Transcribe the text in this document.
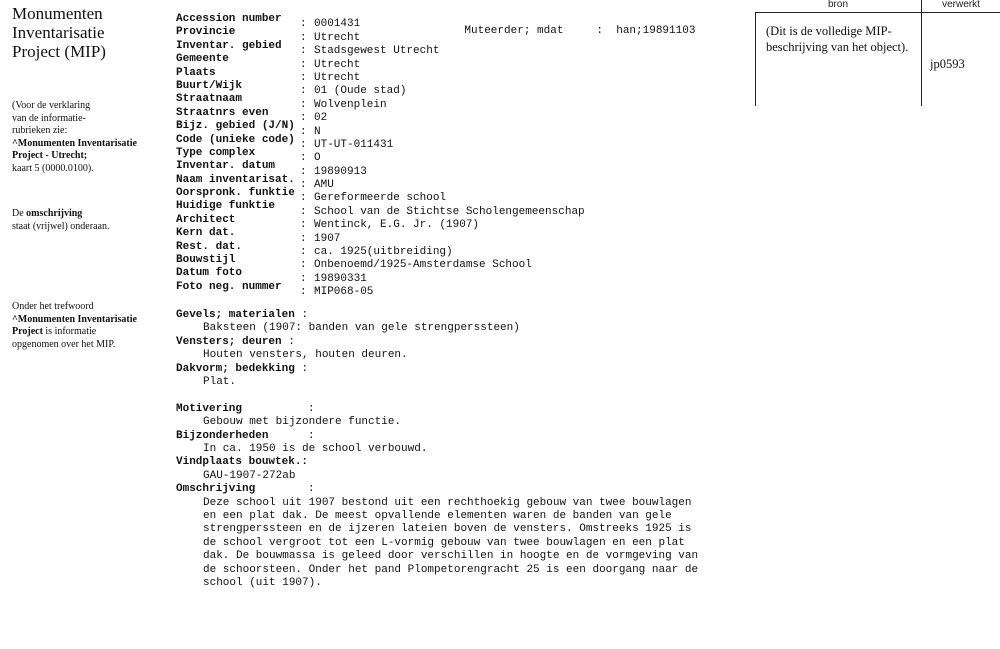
Monumenten
Inventarisatie
Project (MIP)
(Voor de verklaring
van de informatie-
rubrieken zie:
^Monumenten Inventarisatie
Project - Utrecht;
kaart 5 (0000.0100).
De omschrijving
staat (vrijwel) onderaan.
Onder het trefwoord
^Monumenten Inventarisatie
Project is informatie
opgenomen over het MIP.
bron	verwerkt
(Dit is de volledige MIP-beschrijving van het object).
jp0593

Muteerder; mdat	: han;19891103

Accession number : 0001431
Provincie	: Utrecht
Inventar. gebied : Stadsgewest Utrecht
Gemeente	: Utrecht
Plaats	: Utrecht
Buurt/Wijk	: 01 (Oude stad)
Straatnaam	: Wolvenplein
Straatnrs even	: 02
Bijz. gebied (J/N) : N
Code (unieke code) : UT-UT-011431
Type complex	: O
Inventar. datum : 19890913
Naam inventarisat. : AMU
Oorspronk. funktie : Gereformeerde school
Huidige funktie : School van de Stichtse Scholengemeenschap
Architect	: Wentinck, E.G. Jr. (1907)
Kern dat.	: 1907
Rest. dat.	: ca. 1925(uitbreiding)
Bouwstijl	: Onbenoemd/1925-Amsterdamse School
Datum foto	: 19890331
Foto neg. nummer : MIP068-05
Gevels; materialen :
Baksteen (1907: banden van gele strengperssteen)
Vensters; deuren :
Houten vensters, houten deuren.
Dakvorm; bedekking :
Plat.
Motivering	:
Gebouw met bijzondere functie.
Bijzonderheden	:
In ca. 1950 is de school verbouwd.
Vindplaats bouwtek.:
GAU-1907-272ab
Omschrijving	:
Deze school uit 1907 bestond uit een rechthoekig gebouw van twee bouwlagen
en een plat dak. De meest opvallende elementen waren de banden van gele
strengperssteen en de ijzeren lateien boven de vensters. Omstreeks 1925 is
de school vergroot tot een L-vormig gebouw van twee bouwlagen en een plat
dak. De bouwmassa is geleed door verschillen in hoogte en de vormgeving van
de schoorsteen. Onder het pand Plompetorengracht 25 is een doorgang naar de
school (uit 1907).
